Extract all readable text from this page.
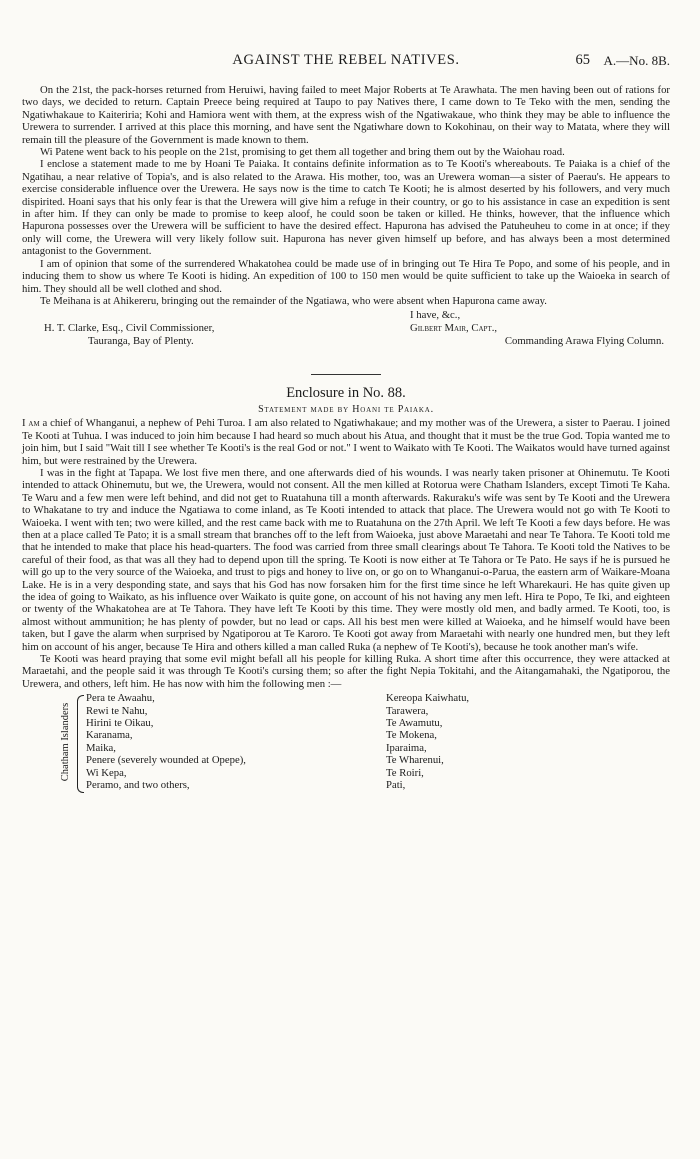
AGAINST THE REBEL NATIVES.	65 A.—No. 8B.

On the 21st, the pack-horses returned from Heruiwi, having failed to meet Major Roberts at Te Arawhata. The men having been out of rations for two days, we decided to return. Captain Preece being required at Taupo to pay Natives there, I came down to Te Teko with the men, sending the Ngatiwhakaue to Kaiteriria; Kohi and Hamiora went with them, at the express wish of the Ngatiwakaue, who think they may be able to influence the Urewera to surrender. I arrived at this place this morning, and have sent the Ngatiwhare down to Kokohinau, on their way to Matata, where they will remain till the pleasure of the Government is made known to them.

Wi Patene went back to his people on the 21st, promising to get them all together and bring them out by the Waiohau road.

I enclose a statement made to me by Hoani Te Paiaka. It contains definite information as to Te Kooti's whereabouts. Te Paiaka is a chief of the Ngatihau, a near relative of Topia's, and is also related to the Arawa. His mother, too, was an Urewera woman—a sister of Paerau's. He appears to exercise considerable influence over the Urewera. He says now is the time to catch Te Kooti; he is almost deserted by his followers, and very much dispirited. Hoani says that his only fear is that the Urewera will give him a refuge in their country, or go to his assistance in case an expedition is sent in after him. If they can only be made to promise to keep aloof, he could soon be taken or killed. He thinks, however, that the influence which Hapurona possesses over the Urewera will be sufficient to have the desired effect. Hapurona has advised the Patuheuheu to come in at once; if they only will come, the Urewera will very likely follow suit. Hapurona has never given himself up before, and has always been a most determined antagonist to the Government.

I am of opinion that some of the surrendered Whakatohea could be made use of in bringing out Te Hira Te Popo, and some of his people, and in inducing them to show us where Te Kooti is hiding. An expedition of 100 to 150 men would be quite sufficient to take up the Waioeka in search of him. They should all be well clothed and shod.

Te Meihana is at Ahikereru, bringing out the remainder of the Ngatiawa, who were absent when Hapurona came away.

I have, &c.,
H. T. Clarke, Esq., Civil Commissioner,
Tauranga, Bay of Plenty.
Gilbert Mair, Capt.,
Commanding Arawa Flying Column.
Enclosure in No. 88.
Statement made by Hoani te Paiaka.

I am a chief of Whanganui, a nephew of Pehi Turoa. I am also related to Ngatiwhakaue; and my mother was of the Urewera, a sister to Paerau. I joined Te Kooti at Tuhua. I was induced to join him because I had heard so much about his Atua, and thought that it must be the true God. Topia wanted me to join him, but I said "Wait till I see whether Te Kooti's is the real God or not." I went to Waikato with Te Kooti. The Waikatos would have turned against him, but were restrained by the Urewera.

I was in the fight at Tapapa. We lost five men there, and one afterwards died of his wounds. I was nearly taken prisoner at Ohinemutu. Te Kooti intended to attack Ohinemutu, but we, the Urewera, would not consent. All the men killed at Rotorua were Chatham Islanders, except Timoti Te Kaha. Te Waru and a few men were left behind, and did not get to Ruatahuna till a month afterwards. Rakuraku's wife was sent by Te Kooti and the Urewera to Whakatane to try and induce the Ngatiawa to come inland, as Te Kooti intended to attack that place. The Urewera would not go with Te Kooti to Waioeka. I went with ten; two were killed, and the rest came back with me to Ruatahuna on the 27th April. We left Te Kooti a few days before. He was then at a place called Te Pato; it is a small stream that branches off to the left from Waioeka, just above Maraetahi and near Te Tahora. Te Kooti told me that he intended to make that place his head-quarters. The food was carried from three small clearings about Te Tahora. Te Kooti told the Natives to be careful of their food, as that was all they had to depend upon till the spring. Te Kooti is now either at Te Tahora or Te Pato. He says if he is pursued he will go up to the very source of the Waioeka, and trust to pigs and honey to live on, or go on to Whanganui-o-Parua, the eastern arm of Waikare-Moana Lake. He is in a very desponding state, and says that his God has now forsaken him for the first time since he left Wharekauri. He has quite given up the idea of going to Waikato, as his influence over Waikato is quite gone, on account of his not having any men left. Hira te Popo, Te Iki, and eighteen or twenty of the Whakatohea are at Te Tahora. They have left Te Kooti by this time. They were mostly old men, and badly armed. Te Kooti, too, is almost without ammunition; he has plenty of powder, but no lead or caps. All his best men were killed at Waioeka, and he himself would have been taken, but I gave the alarm when surprised by Ngatiporou at Te Karoro. Te Kooti got away from Maraetahi with nearly one hundred men, but they left him on account of his anger, because Te Hira and others killed a man called Ruka (a nephew of Te Kooti's), because he took another man's wife.

Te Kooti was heard praying that some evil might befall all his people for killing Ruka. A short time after this occurrence, they were attacked at Maraetahi, and the people said it was through Te Kooti's cursing them; so after the fight Nepia Tokitahi, and the Aitangamahaki, the Ngatiporou, the Urewera, and others, left him. He has now with him the following men :—

Chatham Islanders
Pera te Awaahu,
Rewi te Nahu,
Hirini te Oikau,
Karanama,
Maika,
Penere (severely wounded at Opepe),
Wi Kepa,
Peramo, and two others,
Kereopa Kaiwhatu,
Tarawera,
Te Awamutu,
Te Mokena,
Iparaima,
Te Wharenui,
Te Roiri,
Pati,
